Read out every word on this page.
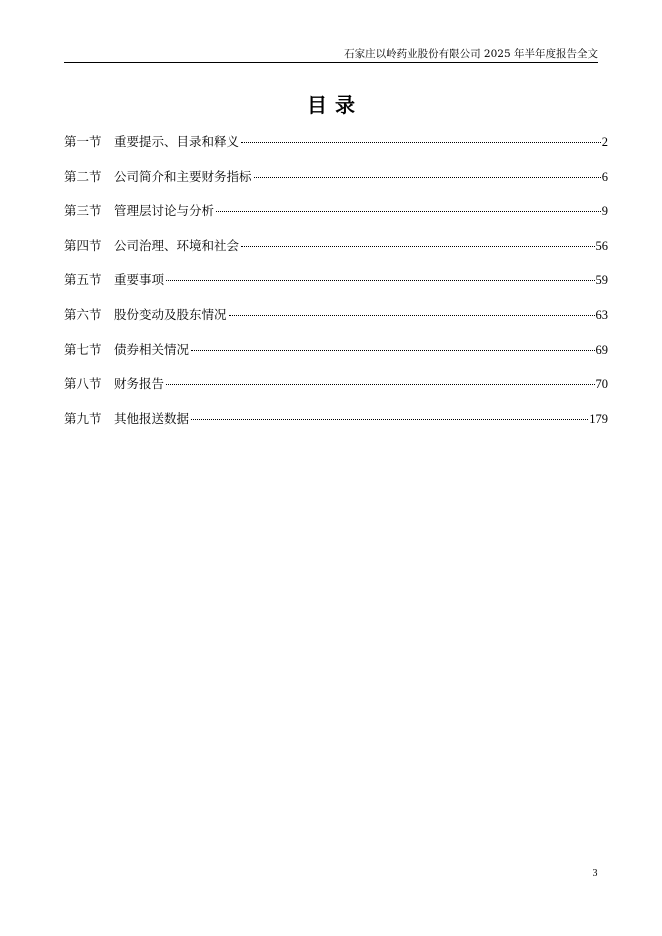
石家庄以岭药业股份有限公司 2025 年半年度报告全文
目录
第一节 重要提示、目录和释义	2
第二节 公司简介和主要财务指标	6
第三节 管理层讨论与分析	9
第四节 公司治理、环境和社会	56
第五节 重要事项	59
第六节 股份变动及股东情况	63
第七节 债券相关情况	69
第八节 财务报告	70
第九节 其他报送数据	179
3
